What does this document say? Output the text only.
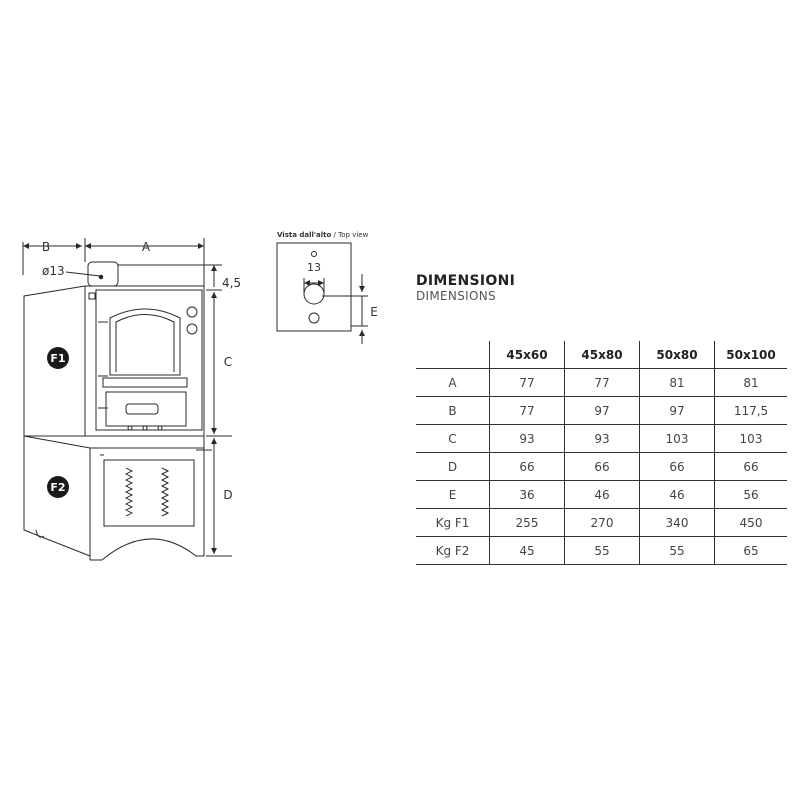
F1
F2
B	A
ø13
4,5
C
D
E
13
Vista dall'alto / Top view
DIMENSIONI
DIMENSIONS
	45x60	45x80	50x80	50x100
A	77	77	81	81
B	77	97	97	117,5
C	93	93	103	103
D	66	66	66	66
E	36	46	46	56
Kg F1	255	270	340	450
Kg F2	45	55	55	65
